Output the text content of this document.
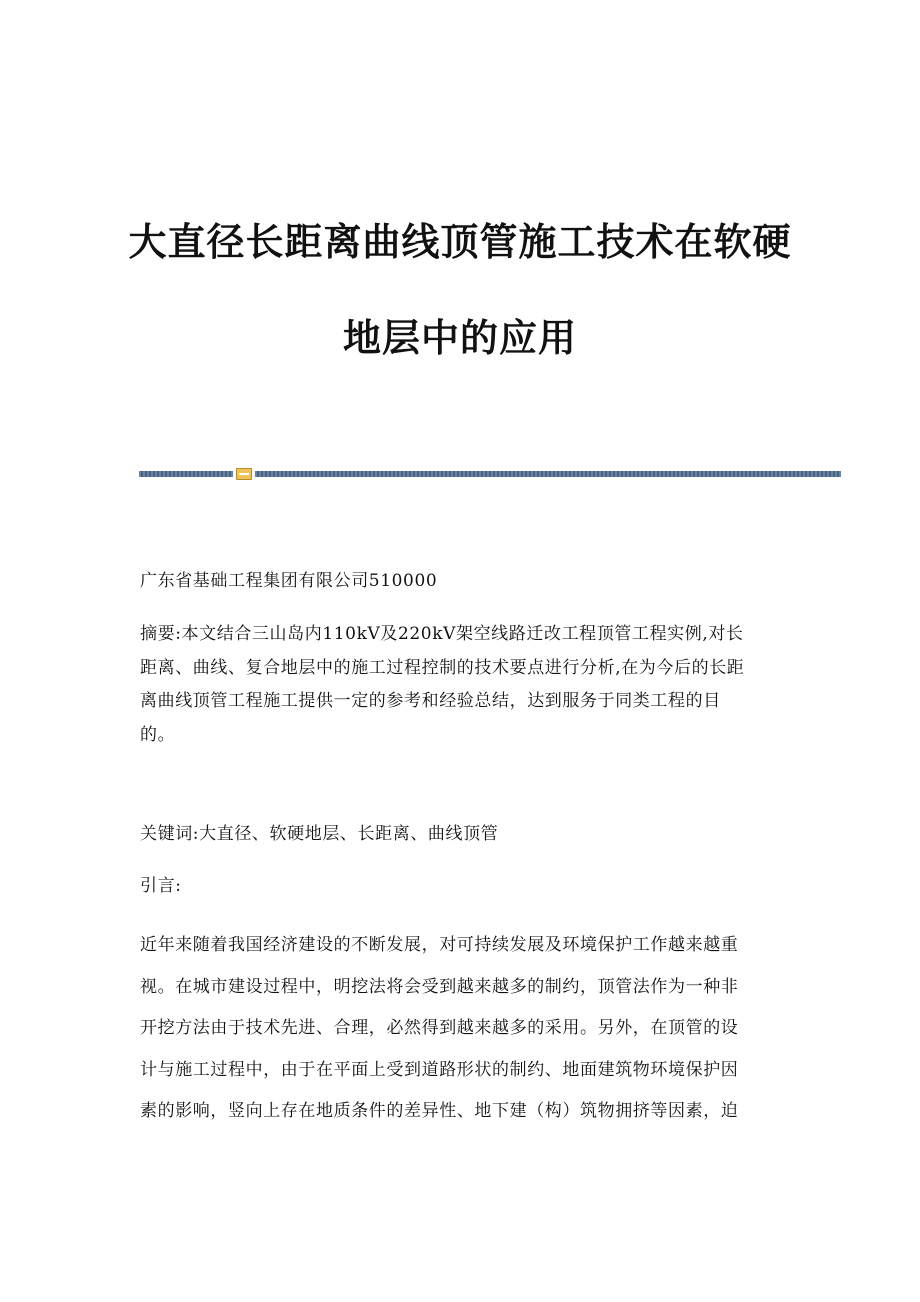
大直径长距离曲线顶管施工技术在软硬
地层中的应用
广东省基础工程集团有限公司510000
摘要:本文结合三山岛内110kV及220kV架空线路迁改工程顶管工程实例,对长
距离、曲线、复合地层中的施工过程控制的技术要点进行分析,在为今后的长距
离曲线顶管工程施工提供一定的参考和经验总结，达到服务于同类工程的目
的。
关键词:大直径、软硬地层、长距离、曲线顶管
引言:
近年来随着我国经济建设的不断发展，对可持续发展及环境保护工作越来越重
视。在城市建设过程中，明挖法将会受到越来越多的制约，顶管法作为一种非
开挖方法由于技术先进、合理，必然得到越来越多的采用。另外，在顶管的设
计与施工过程中，由于在平面上受到道路形状的制约、地面建筑物环境保护因
素的影响，竖向上存在地质条件的差异性、地下建（构）筑物拥挤等因素，迫
